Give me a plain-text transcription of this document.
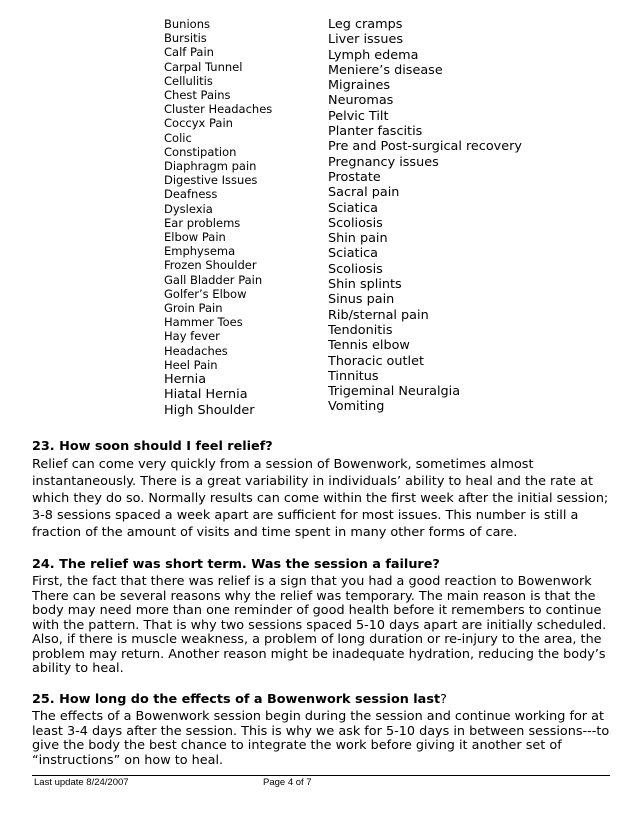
Bunions
Bursitis
Calf Pain
Carpal Tunnel
Cellulitis
Chest Pains
Cluster Headaches
Coccyx Pain
Colic
Constipation
Diaphragm pain
Digestive Issues
Deafness
Dyslexia
Ear problems
Elbow Pain
Emphysema
Frozen Shoulder
Gall Bladder Pain
Golfer’s Elbow
Groin Pain
Hammer Toes
Hay fever
Headaches
Heel Pain
Hernia
Hiatal Hernia
High Shoulder
Leg cramps
Liver issues
Lymph edema
Meniere’s disease
Migraines
Neuromas
Pelvic Tilt
Planter fascitis
Pre and Post-surgical recovery
Pregnancy issues
Prostate
Sacral pain
Sciatica
Scoliosis
Shin pain
Sciatica
Scoliosis
Shin splints
Sinus pain
Rib/sternal pain
Tendonitis
Tennis elbow
Thoracic outlet
Tinnitus
Trigeminal Neuralgia
Vomiting
23. How soon should I feel relief?

Relief can come very quickly from a session of Bowenwork, sometimes almost instantaneously. There is a great variability in individuals’ ability to heal and the rate at which they do so. Normally results can come within the first week after the initial session; 3-8 sessions spaced a week apart are sufficient for most issues. This number is still a fraction of the amount of visits and time spent in many other forms of care.

24. The relief was short term. Was the session a failure?

First, the fact that there was relief is a sign that you had a good reaction to Bowenwork There can be several reasons why the relief was temporary. The main reason is that the body may need more than one reminder of good health before it remembers to continue with the pattern. That is why two sessions spaced 5-10 days apart are initially scheduled. Also, if there is muscle weakness, a problem of long duration or re-injury to the area, the problem may return. Another reason might be inadequate hydration, reducing the body’s ability to heal.

25. How long do the effects of a Bowenwork session last?

The effects of a Bowenwork session begin during the session and continue working for at least 3-4 days after the session. This is why we ask for 5-10 days in between sessions---to give the body the best chance to integrate the work before giving it another set of “instructions” on how to heal.

Last update 8/24/2007	Page 4 of 7
